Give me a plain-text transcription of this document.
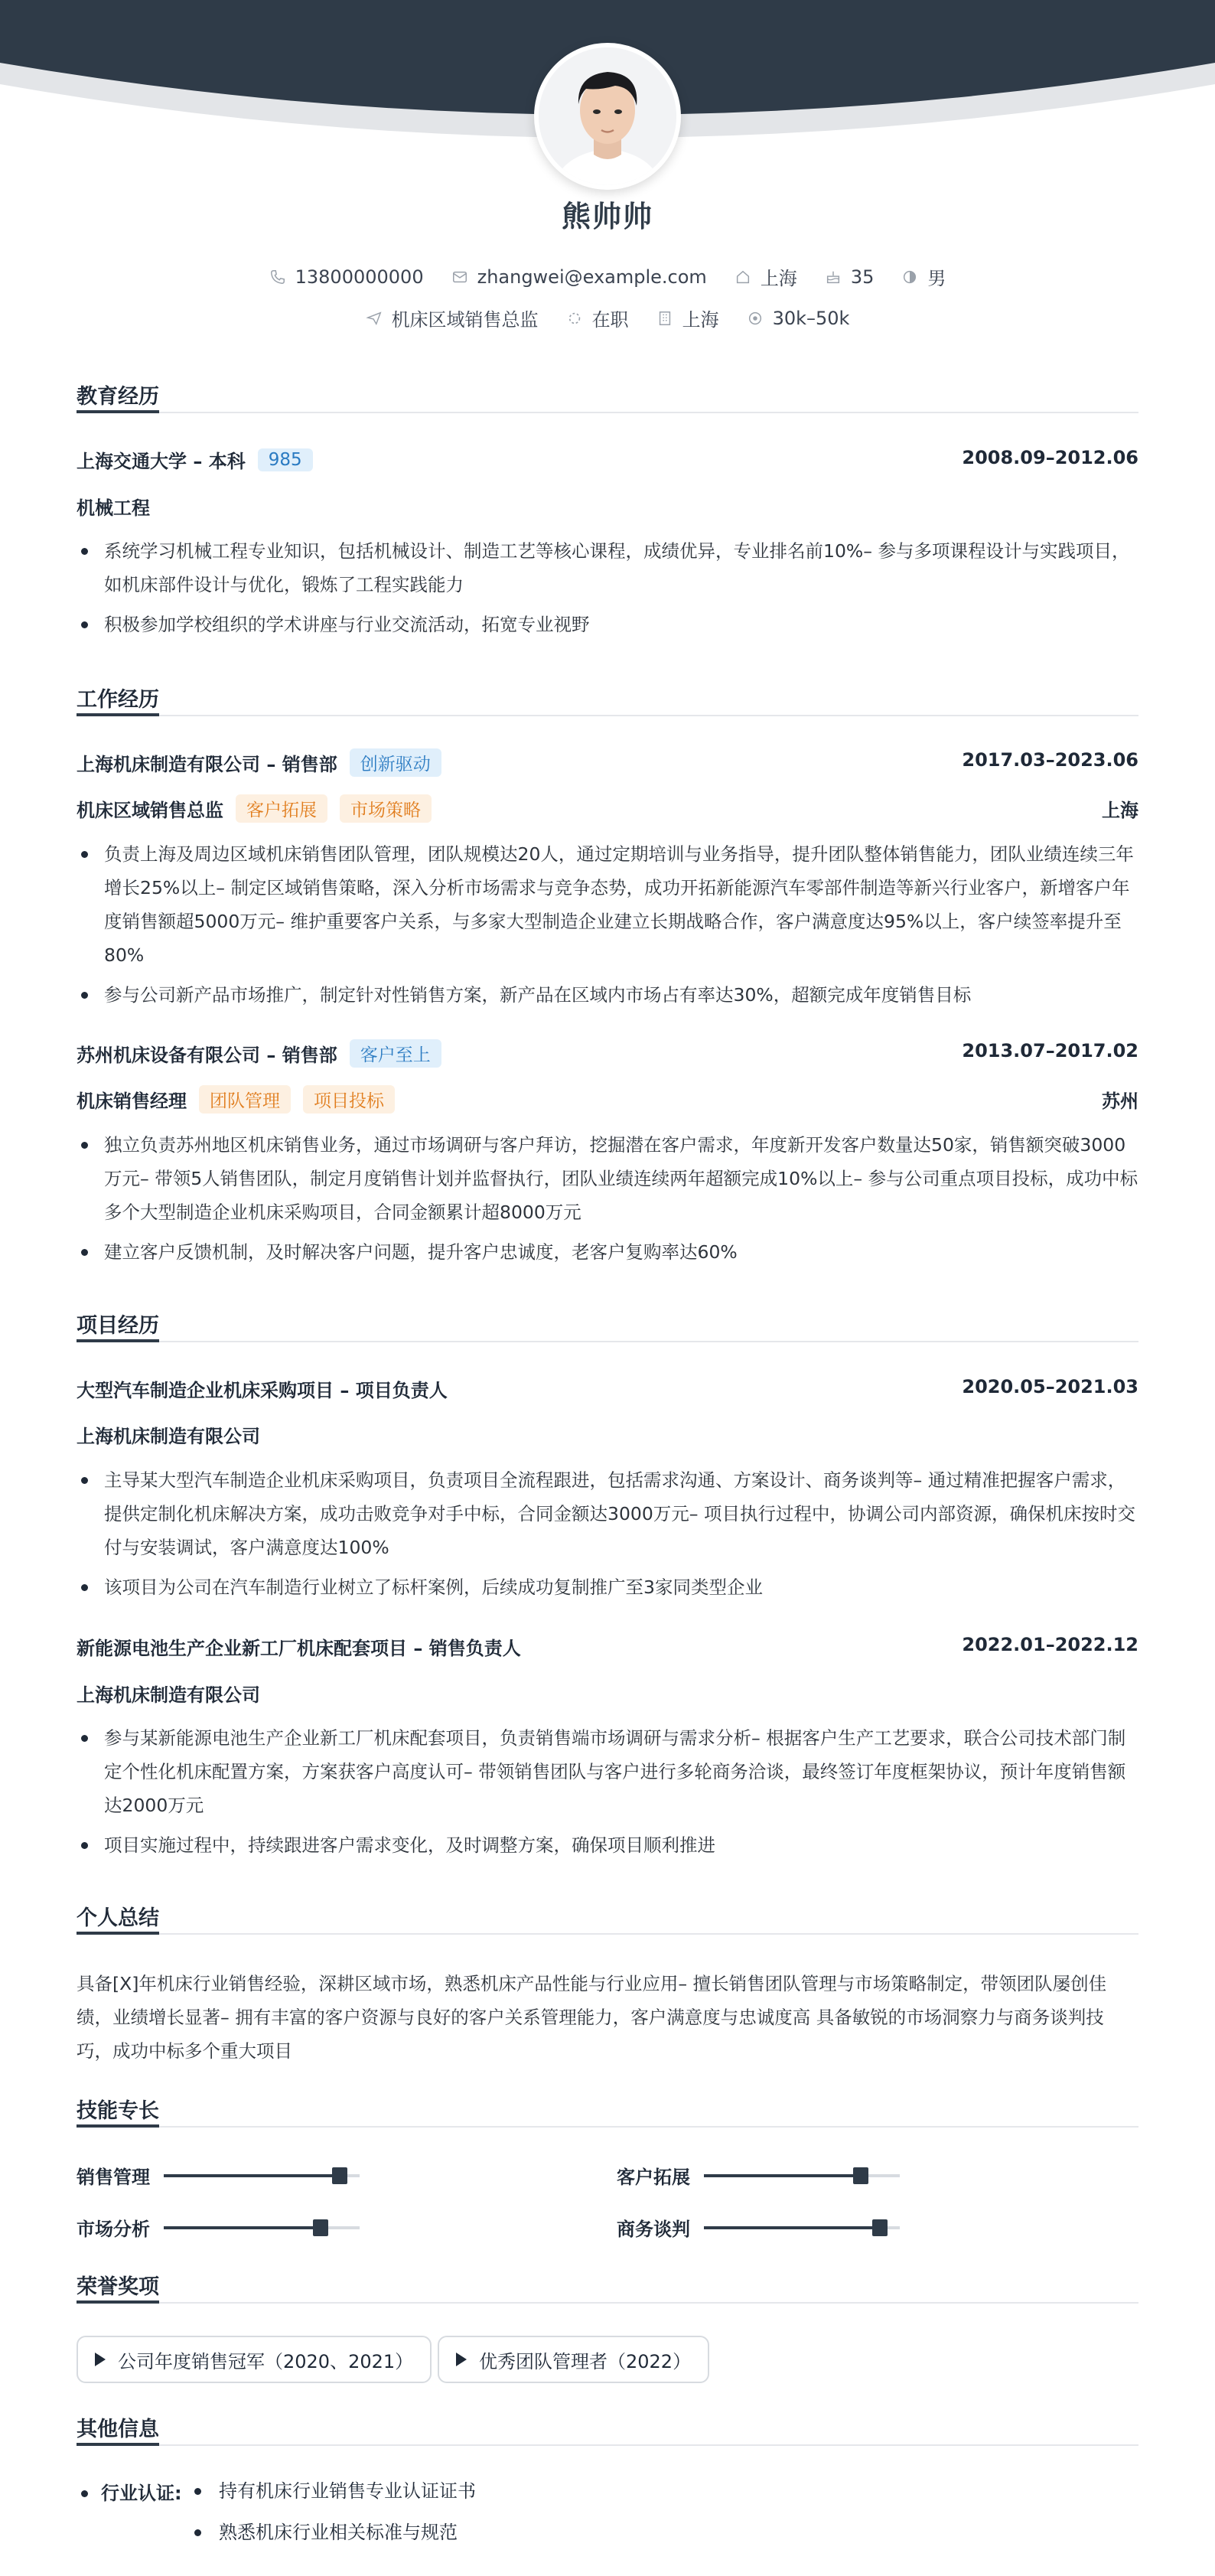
熊帅帅
13800000000	zhangwei@example.com	上海	35	男
机床区域销售总监	在职	上海	30k–50k
教育经历
上海交通大学 – 本科	985	2008.09–2012.06
机械工程
系统学习机械工程专业知识，包括机械设计、制造工艺等核心课程，成绩优异，专业排名前10%– 参与多项课程设计与实践项目，如机床部件设计与优化，锻炼了工程实践能力
积极参加学校组织的学术讲座与行业交流活动，拓宽专业视野
工作经历
上海机床制造有限公司 – 销售部	创新驱动	2017.03–2023.06
机床区域销售总监	客户拓展	市场策略	上海
负责上海及周边区域机床销售团队管理，团队规模达20人，通过定期培训与业务指导，提升团队整体销售能力，团队业绩连续三年增长25%以上– 制定区域销售策略，深入分析市场需求与竞争态势，成功开拓新能源汽车零部件制造等新兴行业客户，新增客户年度销售额超5000万元– 维护重要客户关系，与多家大型制造企业建立长期战略合作，客户满意度达95%以上，客户续签率提升至80%
参与公司新产品市场推广，制定针对性销售方案，新产品在区域内市场占有率达30%，超额完成年度销售目标
苏州机床设备有限公司 – 销售部	客户至上	2013.07–2017.02
机床销售经理	团队管理	项目投标	苏州
独立负责苏州地区机床销售业务，通过市场调研与客户拜访，挖掘潜在客户需求，年度新开发客户数量达50家，销售额突破3000万元– 带领5人销售团队，制定月度销售计划并监督执行，团队业绩连续两年超额完成10%以上– 参与公司重点项目投标，成功中标多个大型制造企业机床采购项目，合同金额累计超8000万元
建立客户反馈机制，及时解决客户问题，提升客户忠诚度，老客户复购率达60%
项目经历
大型汽车制造企业机床采购项目 – 项目负责人	2020.05–2021.03
上海机床制造有限公司
主导某大型汽车制造企业机床采购项目，负责项目全流程跟进，包括需求沟通、方案设计、商务谈判等– 通过精准把握客户需求，提供定制化机床解决方案，成功击败竞争对手中标，合同金额达3000万元– 项目执行过程中，协调公司内部资源，确保机床按时交付与安装调试，客户满意度达100%
该项目为公司在汽车制造行业树立了标杆案例，后续成功复制推广至3家同类型企业
新能源电池生产企业新工厂机床配套项目 – 销售负责人	2022.01–2022.12
上海机床制造有限公司
参与某新能源电池生产企业新工厂机床配套项目，负责销售端市场调研与需求分析– 根据客户生产工艺要求，联合公司技术部门制定个性化机床配置方案，方案获客户高度认可– 带领销售团队与客户进行多轮商务洽谈，最终签订年度框架协议，预计年度销售额达2000万元
项目实施过程中，持续跟进客户需求变化，及时调整方案，确保项目顺利推进
个人总结
具备[X]年机床行业销售经验，深耕区域市场，熟悉机床产品性能与行业应用– 擅长销售团队管理与市场策略制定，带领团队屡创佳绩，业绩增长显著– 拥有丰富的客户资源与良好的客户关系管理能力，客户满意度与忠诚度高 具备敏锐的市场洞察力与商务谈判技巧，成功中标多个重大项目
技能专长
销售管理	客户拓展
市场分析	商务谈判
荣誉奖项
公司年度销售冠军（2020、2021）	优秀团队管理者（2022）
其他信息
行业认证:	持有机床行业销售专业认证证书
熟悉机床行业相关标准与规范
